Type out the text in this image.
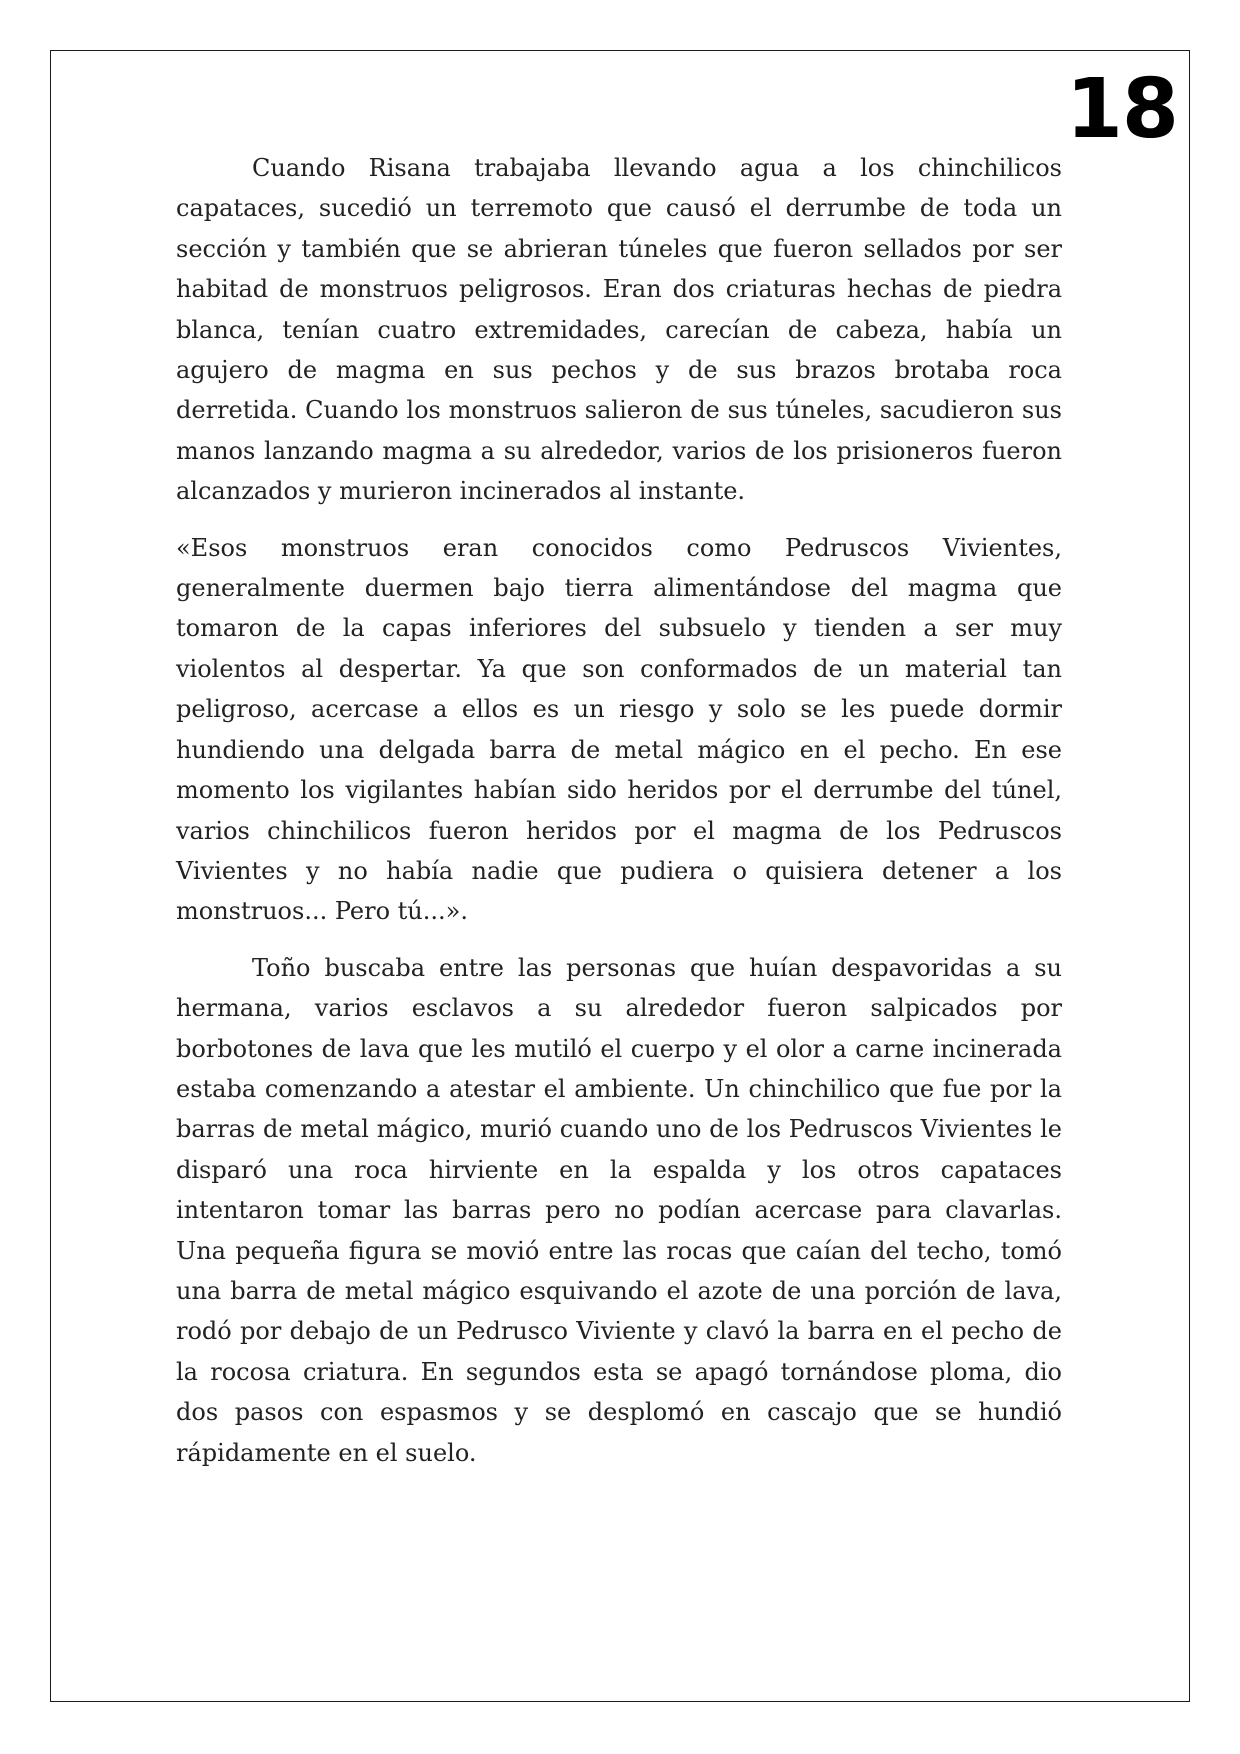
18

Cuando Risana trabajaba llevando agua a los chinchilicos capataces, sucedió un terremoto que causó el derrumbe de toda un sección y también que se abrieran túneles que fueron sellados por ser habitad de monstruos peligrosos. Eran dos criaturas hechas de piedra blanca, tenían cuatro extremidades, carecían de cabeza, había un agujero de magma en sus pechos y de sus brazos brotaba roca derretida. Cuando los monstruos salieron de sus túneles, sacudieron sus manos lanzando magma a su alrededor, varios de los prisioneros fueron alcanzados y murieron incinerados al instante.

«Esos monstruos eran conocidos como Pedruscos Vivientes, generalmente duermen bajo tierra alimentándose del magma que tomaron de la capas inferiores del subsuelo y tienden a ser muy violentos al despertar. Ya que son conformados de un material tan peligroso, acercase a ellos es un riesgo y solo se les puede dormir hundiendo una delgada barra de metal mágico en el pecho. En ese momento los vigilantes habían sido heridos por el derrumbe del túnel, varios chinchilicos fueron heridos por el magma de los Pedruscos Vivientes y no había nadie que pudiera o quisiera detener a los monstruos... Pero tú...».

Toño buscaba entre las personas que huían despavoridas a su hermana, varios esclavos a su alrededor fueron salpicados por borbotones de lava que les mutiló el cuerpo y el olor a carne incinerada estaba comenzando a atestar el ambiente. Un chinchilico que fue por la barras de metal mágico, murió cuando uno de los Pedruscos Vivientes le disparó una roca hirviente en la espalda y los otros capataces intentaron tomar las barras pero no podían acercase para clavarlas. Una pequeña figura se movió entre las rocas que caían del techo, tomó una barra de metal mágico esquivando el azote de una porción de lava, rodó por debajo de un Pedrusco Viviente y clavó la barra en el pecho de la rocosa criatura. En segundos esta se apagó tornándose ploma, dio dos pasos con espasmos y se desplomó en cascajo que se hundió rápidamente en el suelo.
